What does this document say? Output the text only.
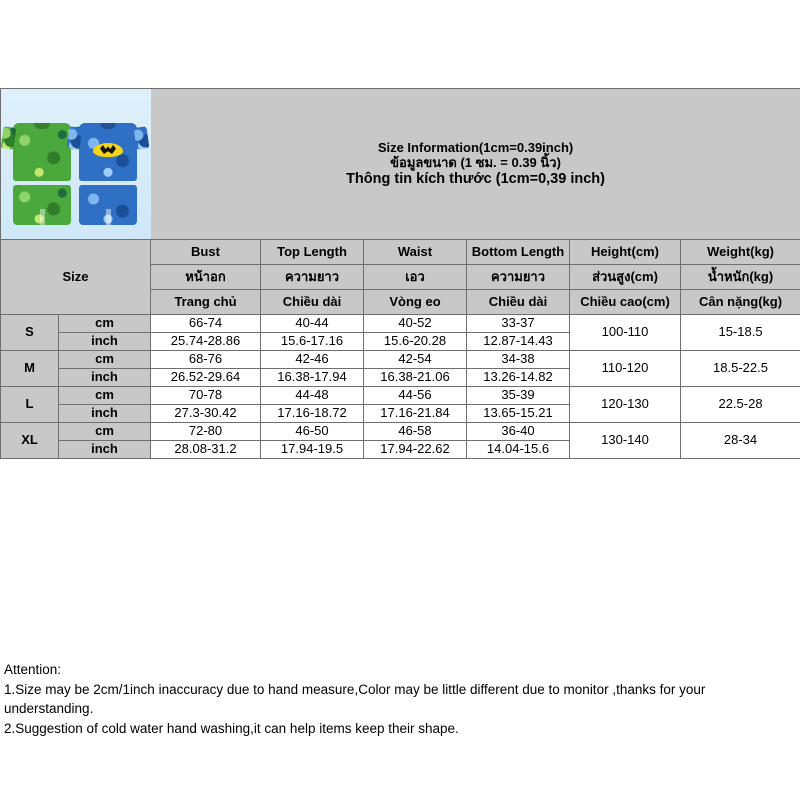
		Size Information(1cm=0.39inch)
ข้อมูลขนาด (1 ซม. = 0.39 นิ้ว)
Thông tin kích thước (1cm=0,39 inch)					

Size		Bust	Top Length	Waist	Bottom Length	Height(cm)	Weight(kg)
		หน้าอก	ความยาว	เอว	ความยาว	ส่วนสูง(cm)	น้ำหนัก(kg)
		Trang chủ	Chiều dài	Vòng eo	Chiều dài	Chiều cao(cm)	Cân nặng(kg)
S	cm	66-74	40-44	40-52	33-37	100-110	15-18.5
	inch	25.74-28.86	15.6-17.16	15.6-20.28	12.87-14.43		
M	cm	68-76	42-46	42-54	34-38	110-120	18.5-22.5
	inch	26.52-29.64	16.38-17.94	16.38-21.06	13.26-14.82		
L	cm	70-78	44-48	44-56	35-39	120-130	22.5-28
	inch	27.3-30.42	17.16-18.72	17.16-21.84	13.65-15.21		
XL	cm	72-80	46-50	46-58	36-40	130-140	28-34
	inch	28.08-31.2	17.94-19.5	17.94-22.62	14.04-15.6		
Attention:
1.Size may be 2cm/1inch inaccuracy due to hand measure,Color may be little different due to monitor ,thanks for your
understanding.
2.Suggestion of cold water hand washing,it can help items keep their shape.
